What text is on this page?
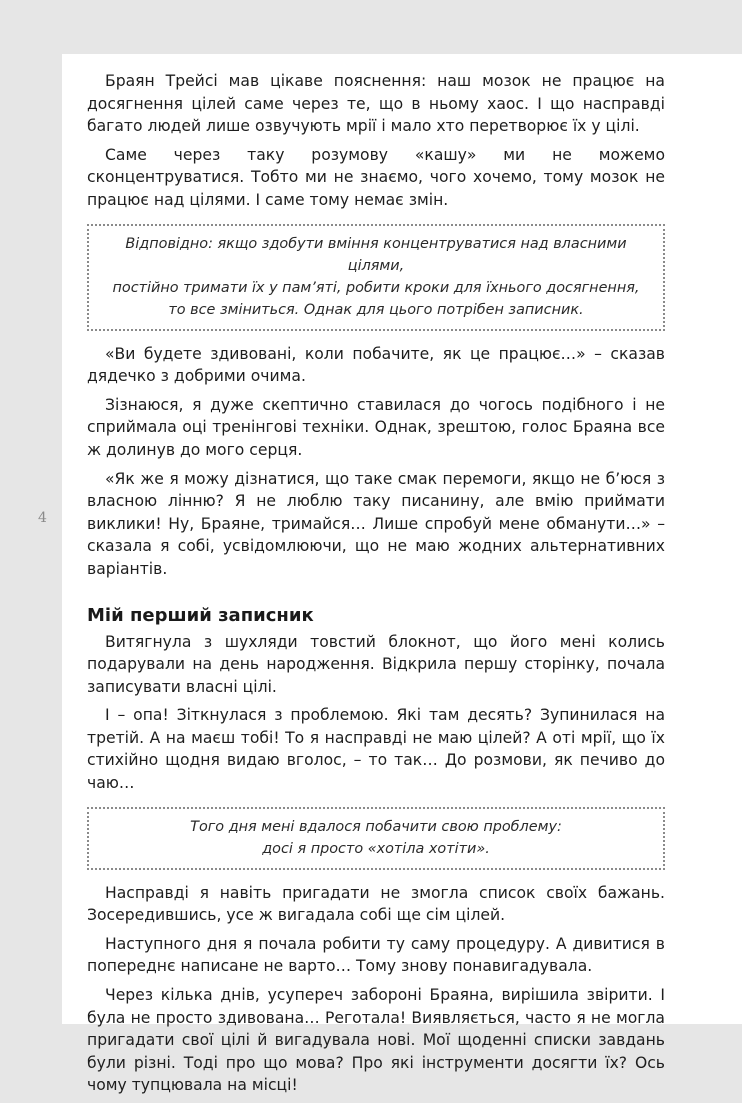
4

Браян Трейсі мав цікаве пояснення: наш мозок не працює на досягнення цілей саме через те, що в ньому хаос. І що насправді багато людей лише озвучують мрії і мало хто перетворює їх у цілі.

Саме через таку розумову «кашу» ми не можемо сконцентруватися. Тобто ми не знаємо, чого хочемо, тому мозок не працює над цілями. І саме тому немає змін.

Відповідно: якщо здобути вміння концентруватися над власними цілями,
постійно тримати їх у пам’яті, робити кроки для їхнього досягнення,
то все зміниться. Однак для цього потрібен записник.

«Ви будете здивовані, коли побачите, як це працює…» – сказав дядечко з добрими очима.

Зізнаюся, я дуже скептично ставилася до чогось подібного і не сприймала оці тренінгові техніки. Однак, зрештою, голос Браяна все ж долинув до мого серця.

«Як же я можу дізнатися, що таке смак перемоги, якщо не б’юся з власною лінню? Я не люблю таку писанину, але вмію приймати виклики! Ну, Браяне, тримайся… Лише спробуй мене обманути…» – сказала я собі, усвідомлюючи, що не маю жодних альтернативних варіантів.

Мій перший записник

Витягнула з шухляди товстий блокнот, що його мені колись подарували на день народження. Відкрила першу сторінку, почала записувати власні цілі.

І – опа! Зіткнулася з проблемою. Які там десять? Зупинилася на третій. А на маєш тобі! То я насправді не маю цілей? А оті мрії, що їх стихійно щодня видаю вголос, – то так… До розмови, як печиво до чаю…

Того дня мені вдалося побачити свою проблему:
досі я просто «хотіла хотіти».

Насправді я навіть пригадати не змогла список своїх бажань. Зосередившись, усе ж вигадала собі ще сім цілей.

Наступного дня я почала робити ту саму процедуру. А дивитися в попереднє написане не варто… Тому знову понавигадувала.

Через кілька днів, усупереч забороні Браяна, вирішила звірити. І була не просто здивована… Реготала! Виявляється, часто я не могла пригадати свої цілі й вигадувала нові. Мої щоденні списки завдань були різні. Тоді про що мова? Про які інструменти досягти їх? Ось чому тупцювала на місці!
